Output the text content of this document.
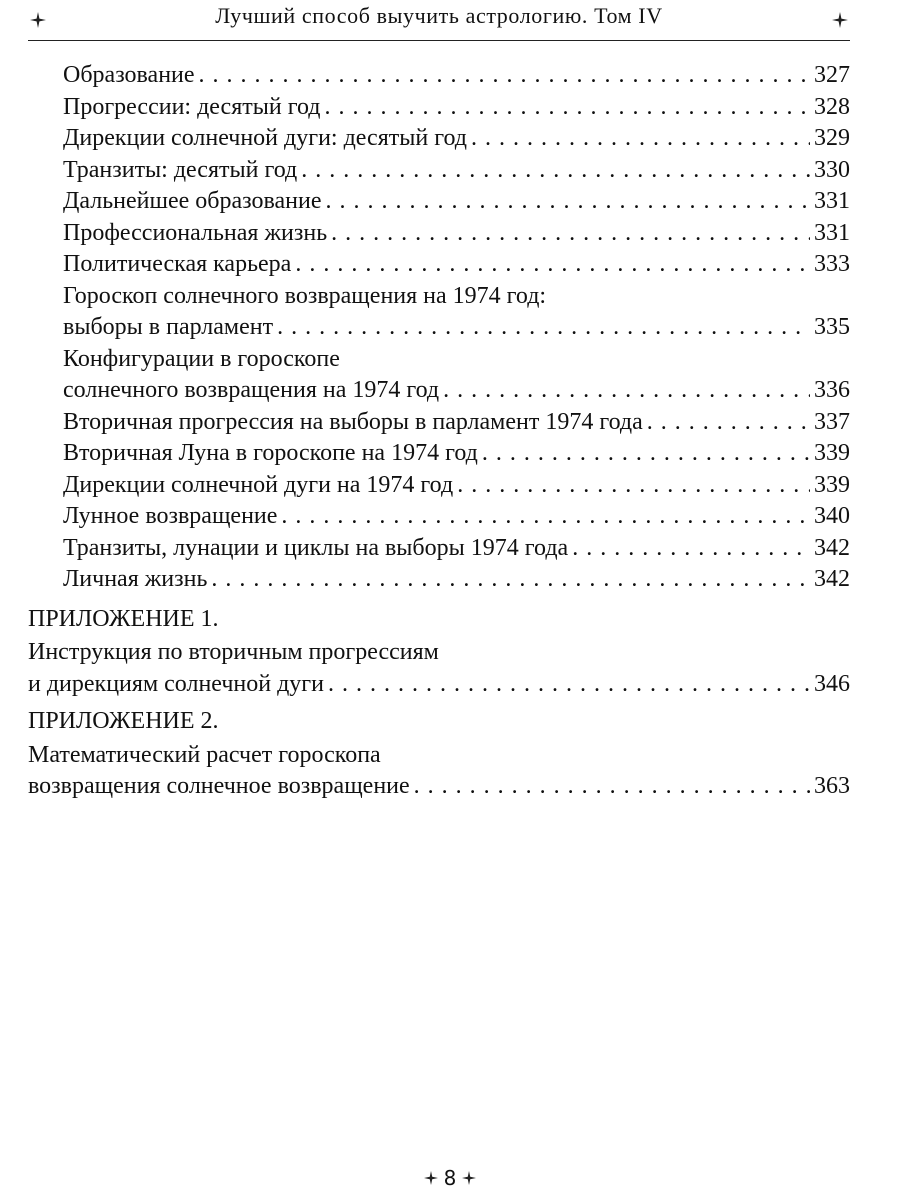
Лучший способ выучить астрологию. Том IV
Образование . . .	327
Прогрессии: десятый год . . .	328
Дирекции солнечной дуги: десятый год . . .	329
Транзиты: десятый год . . .	330
Дальнейшее образование . . .	331
Профессиональная жизнь . . .	331
Политическая карьера . . .	333
Гороскоп солнечного возвращения на 1974 год:
выборы в парламент . . .	335
Конфигурации в гороскопе
солнечного возвращения на 1974 год . . .	336
Вторичная прогрессия на выборы в парламент 1974 года . . .	337
Вторичная Луна в гороскопе на 1974 год . . .	339
Дирекции солнечной дуги на 1974 год . . .	339
Лунное возвращение . . .	340
Транзиты, лунации и циклы на выборы 1974 года . . .	342
Личная жизнь . . .	342
ПРИЛОЖЕНИЕ 1.
Инструкция по вторичным прогрессиям
и дирекциям солнечной дуги . . .	346
ПРИЛОЖЕНИЕ 2.
Математический расчет гороскопа
возвращения солнечное возвращение . . .	363
8
